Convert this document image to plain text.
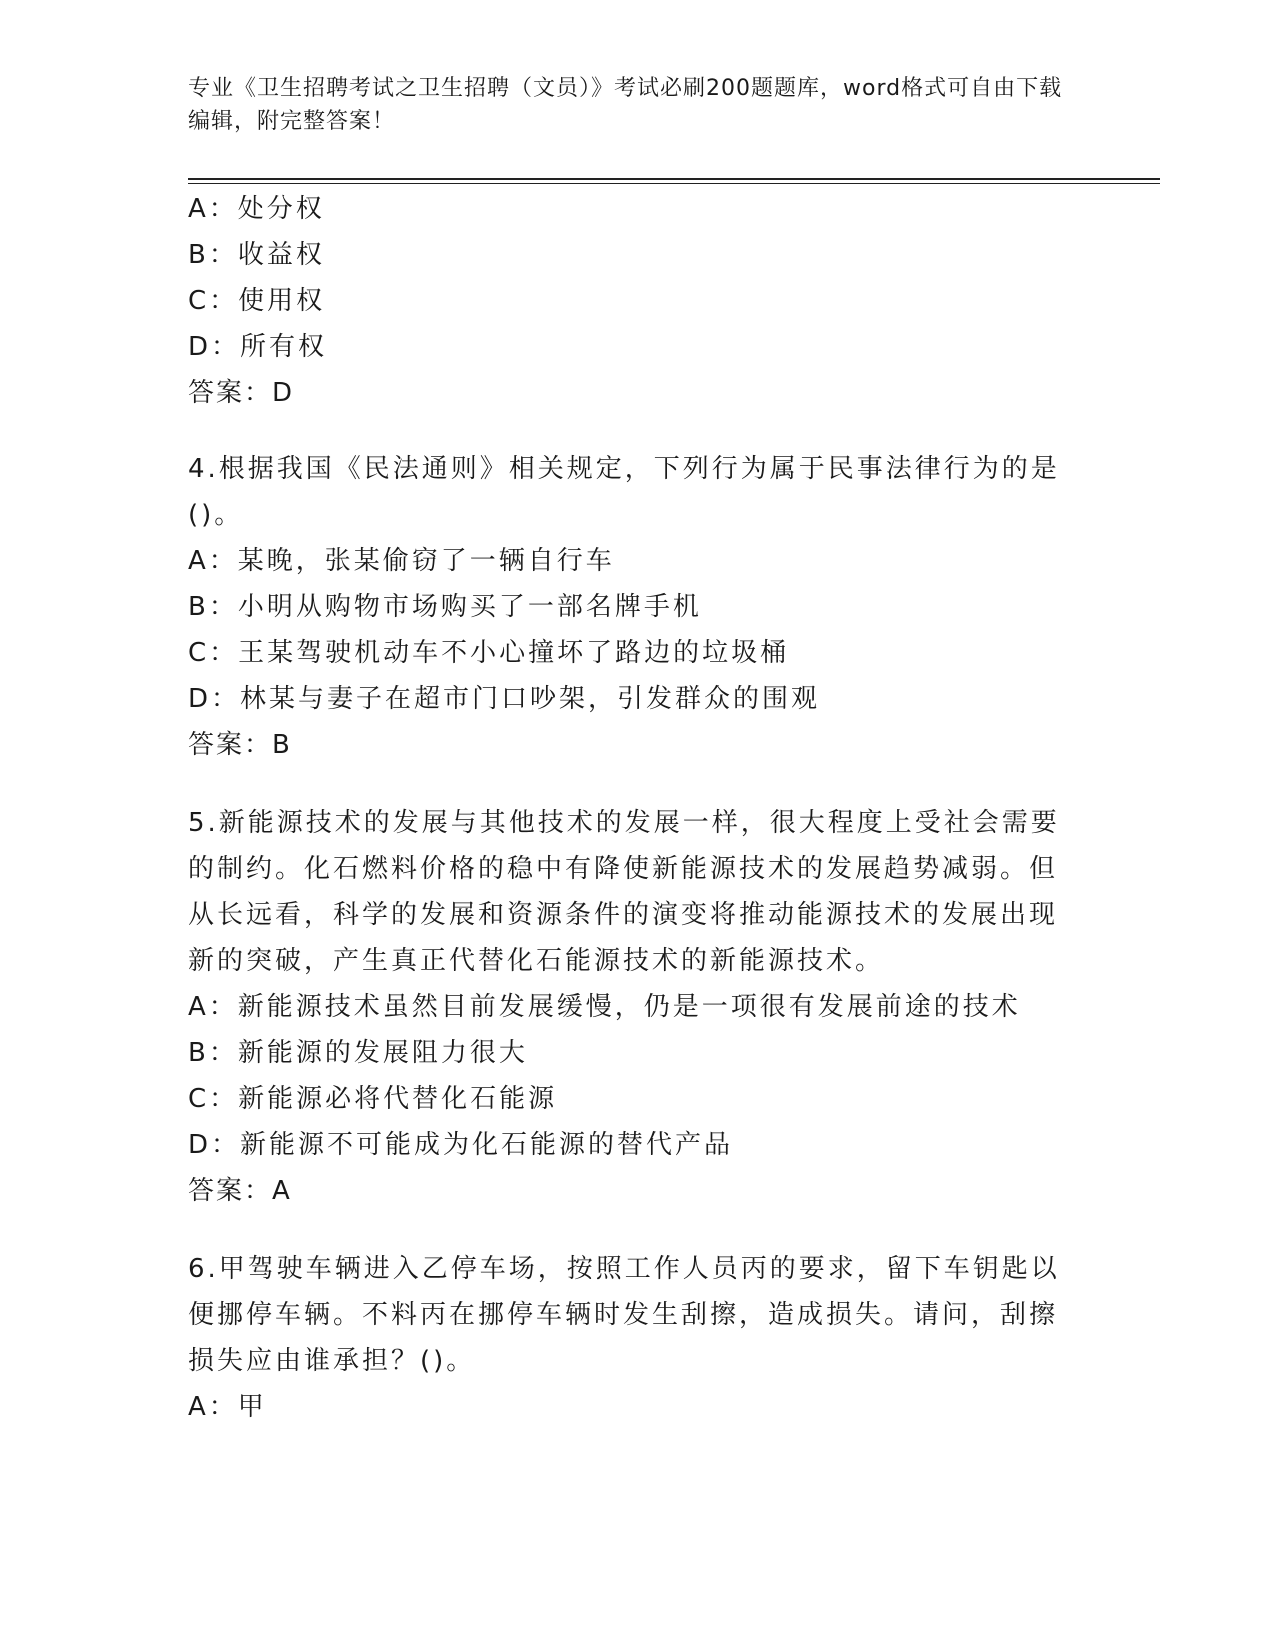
专业《卫生招聘考试之卫生招聘（文员）》考试必刷200题题库，word格式可自由下载编辑，附完整答案！
A：处分权
B：收益权
C：使用权
D：所有权
答案：D
4.根据我国《民法通则》相关规定，下列行为属于民事法律行为的是
()。
A：某晚，张某偷窃了一辆自行车
B：小明从购物市场购买了一部名牌手机
C：王某驾驶机动车不小心撞坏了路边的垃圾桶
D：林某与妻子在超市门口吵架，引发群众的围观
答案：B
5.新能源技术的发展与其他技术的发展一样，很大程度上受社会需要
的制约。化石燃料价格的稳中有降使新能源技术的发展趋势减弱。但
从长远看，科学的发展和资源条件的演变将推动能源技术的发展出现
新的突破，产生真正代替化石能源技术的新能源技术。
A：新能源技术虽然目前发展缓慢，仍是一项很有发展前途的技术
B：新能源的发展阻力很大
C：新能源必将代替化石能源
D：新能源不可能成为化石能源的替代产品
答案：A
6.甲驾驶车辆进入乙停车场，按照工作人员丙的要求，留下车钥匙以
便挪停车辆。不料丙在挪停车辆时发生刮擦，造成损失。请问，刮擦
损失应由谁承担？()。
A：甲
